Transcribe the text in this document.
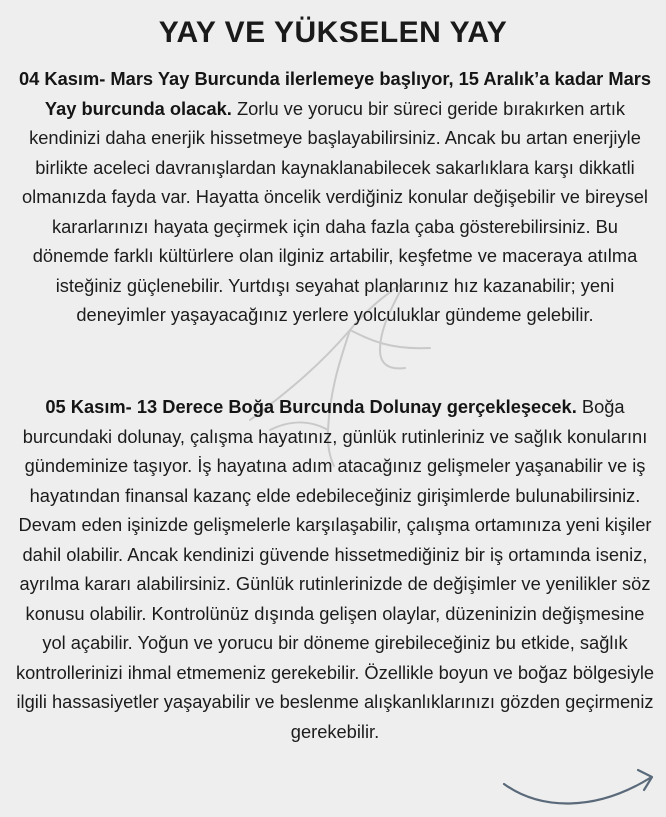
YAY VE YÜKSELEN YAY

04 Kasım- Mars Yay Burcunda ilerlemeye başlıyor, 15 Aralık’a kadar Mars Yay burcunda olacak. Zorlu ve yorucu bir süreci geride bırakırken artık kendinizi daha enerjik hissetmeye başlayabilirsiniz. Ancak bu artan enerjiyle birlikte aceleci davranışlardan kaynaklanabilecek sakarlıklara karşı dikkatli olmanızda fayda var. Hayatta öncelik verdiğiniz konular değişebilir ve bireysel kararlarınızı hayata geçirmek için daha fazla çaba gösterebilirsiniz. Bu dönemde farklı kültürlere olan ilginiz artabilir, keşfetme ve maceraya atılma isteğiniz güçlenebilir. Yurtdışı seyahat planlarınız hız kazanabilir; yeni deneyimler yaşayacağınız yerlere yolculuklar gündeme gelebilir.

05 Kasım- 13 Derece Boğa Burcunda Dolunay gerçekleşecek. Boğa burcundaki dolunay, çalışma hayatınız, günlük rutinleriniz ve sağlık konularını gündeminize taşıyor. İş hayatına adım atacağınız gelişmeler yaşanabilir ve iş hayatından finansal kazanç elde edebileceğiniz girişimlerde bulunabilirsiniz. Devam eden işinizde gelişmelerle karşılaşabilir, çalışma ortamınıza yeni kişiler dahil olabilir. Ancak kendinizi güvende hissetmediğiniz bir iş ortamında iseniz, ayrılma kararı alabilirsiniz. Günlük rutinlerinizde de değişimler ve yenilikler söz konusu olabilir. Kontrolünüz dışında gelişen olaylar, düzeninizin değişmesine yol açabilir. Yoğun ve yorucu bir döneme girebileceğiniz bu etkide, sağlık kontrollerinizi ihmal etmemeniz gerekebilir. Özellikle boyun ve boğaz bölgesiyle ilgili hassasiyetler yaşayabilir ve beslenme alışkanlıklarınızı gözden geçirmeniz gerekebilir.
